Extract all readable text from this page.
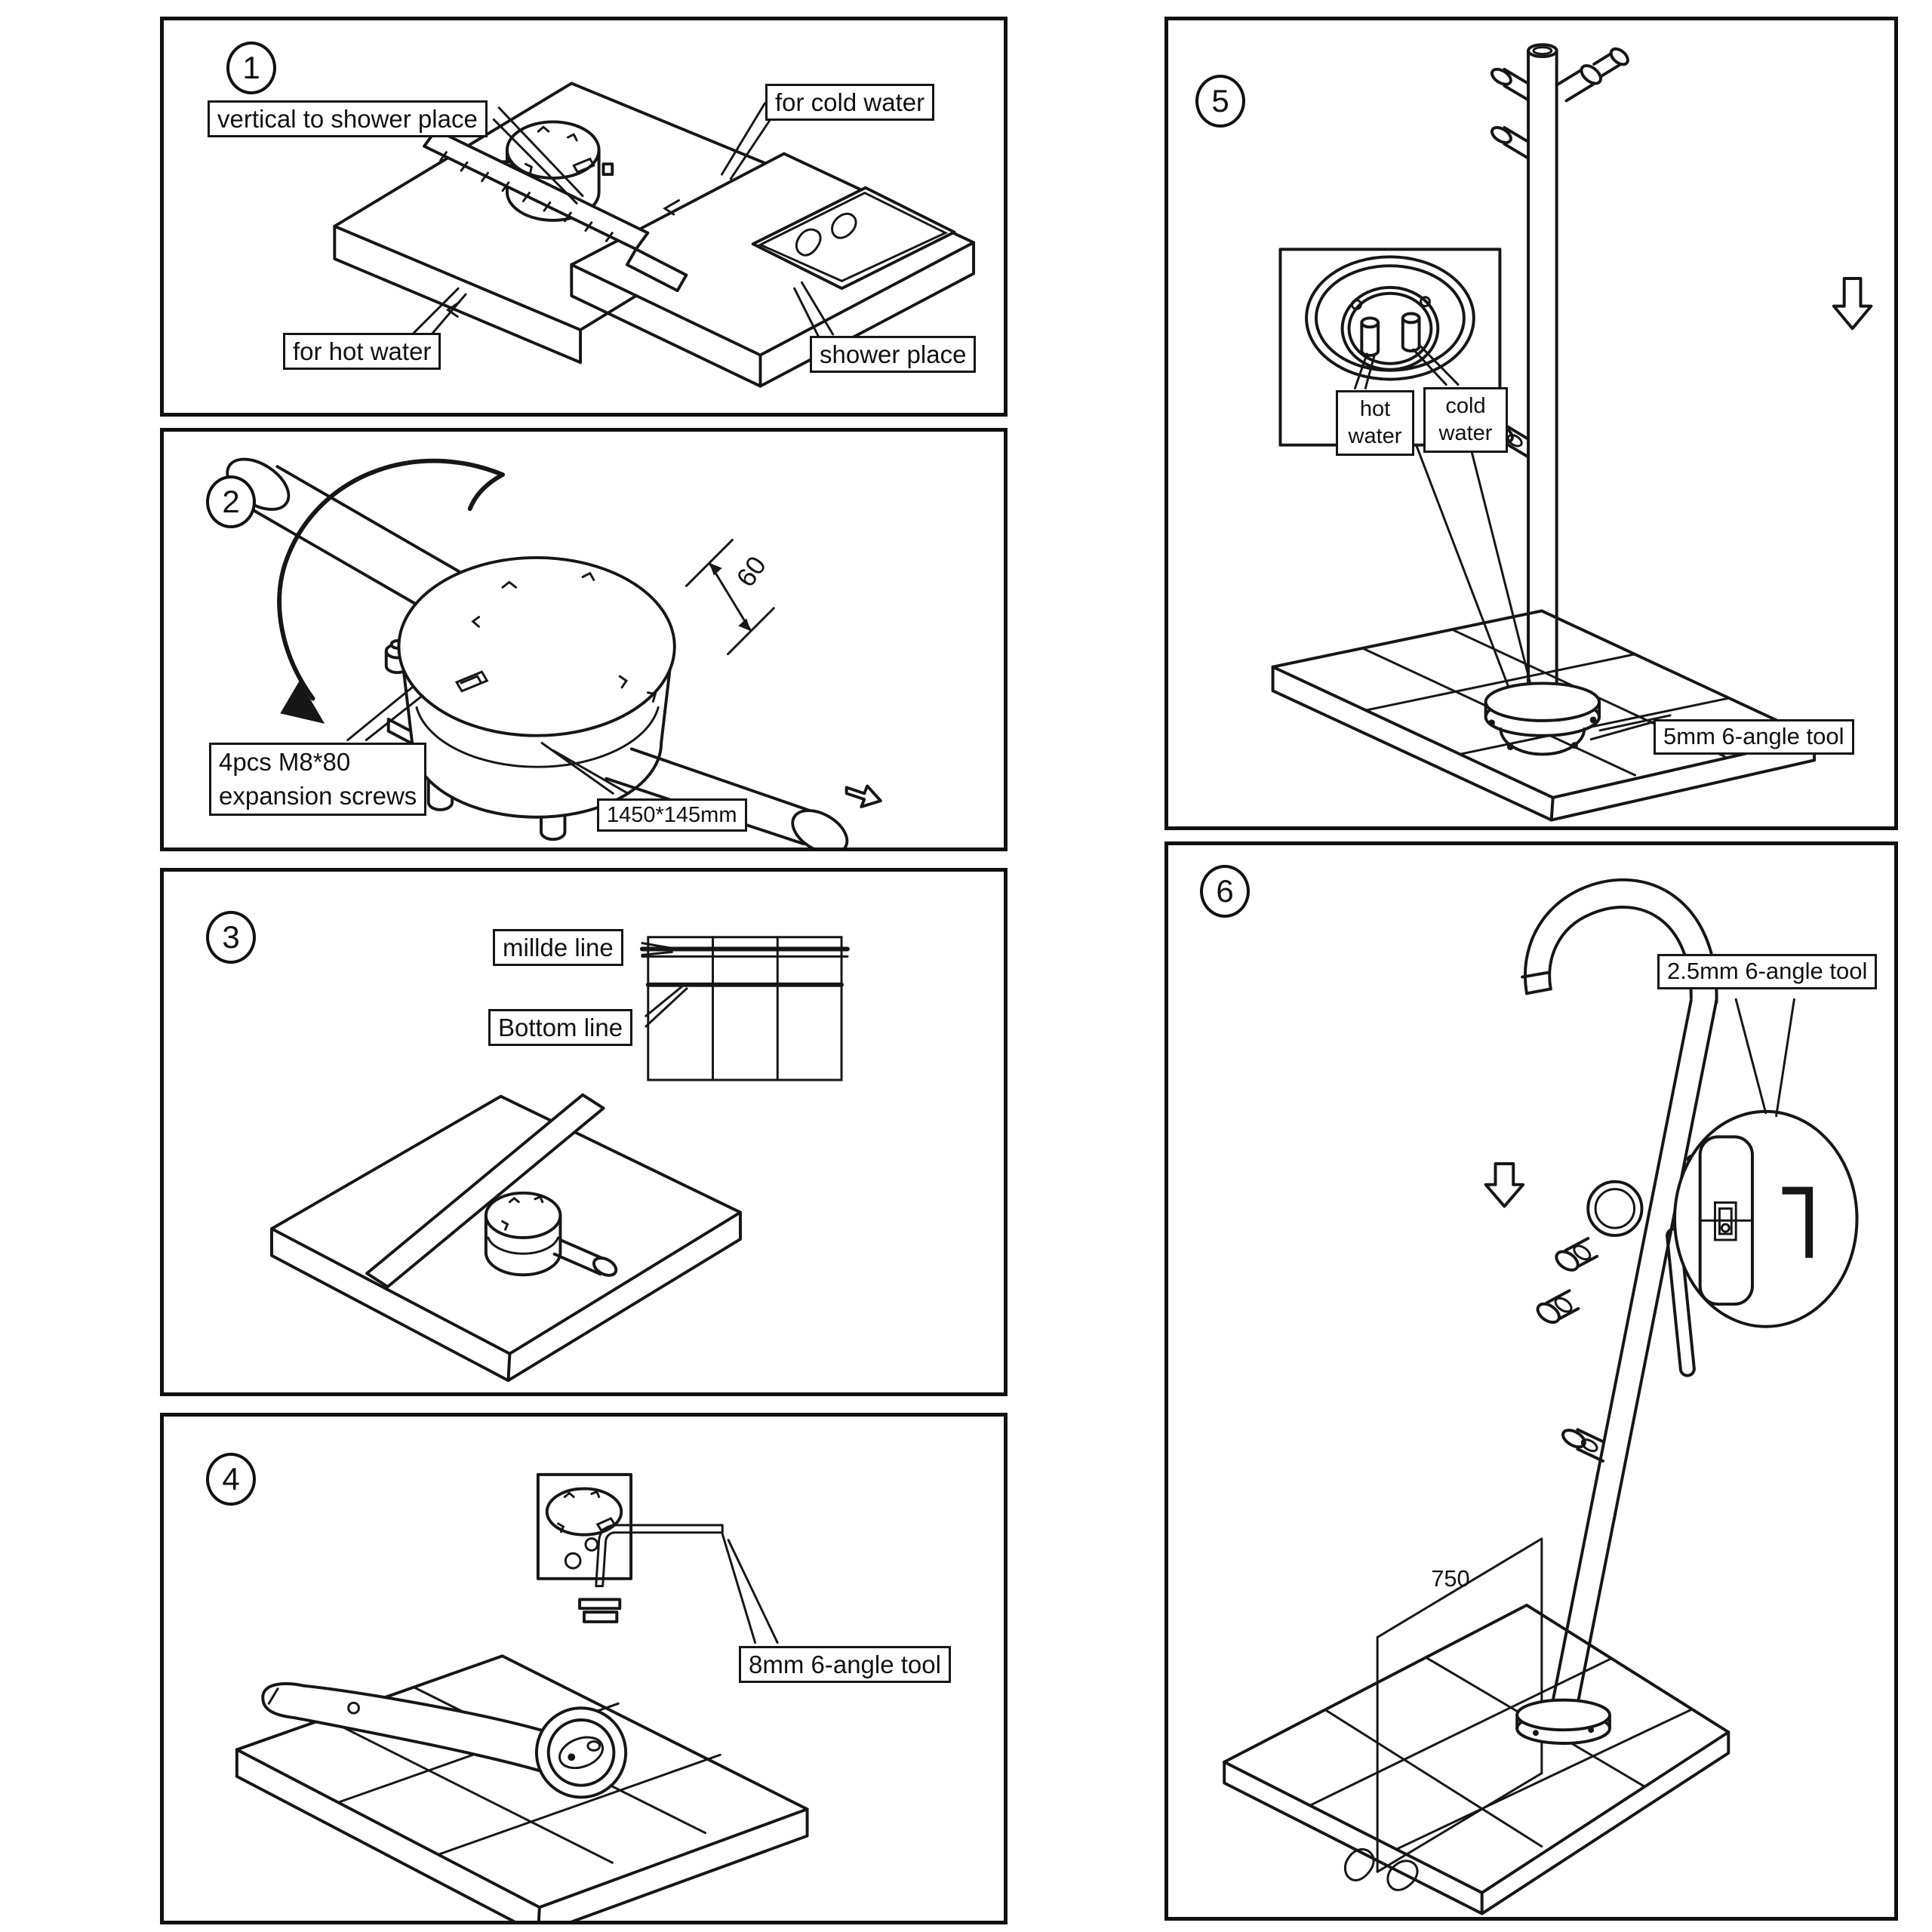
1
vertical to shower place
for cold water
for hot water	shower place
60
2
4pcs M8*80
expansion screws
1450*145mm
3	millde line
Bottom line
4
8mm 6-angle tool
5
hot water
cold water
5mm 6-angle tool
750
6
2.5mm 6-angle tool
